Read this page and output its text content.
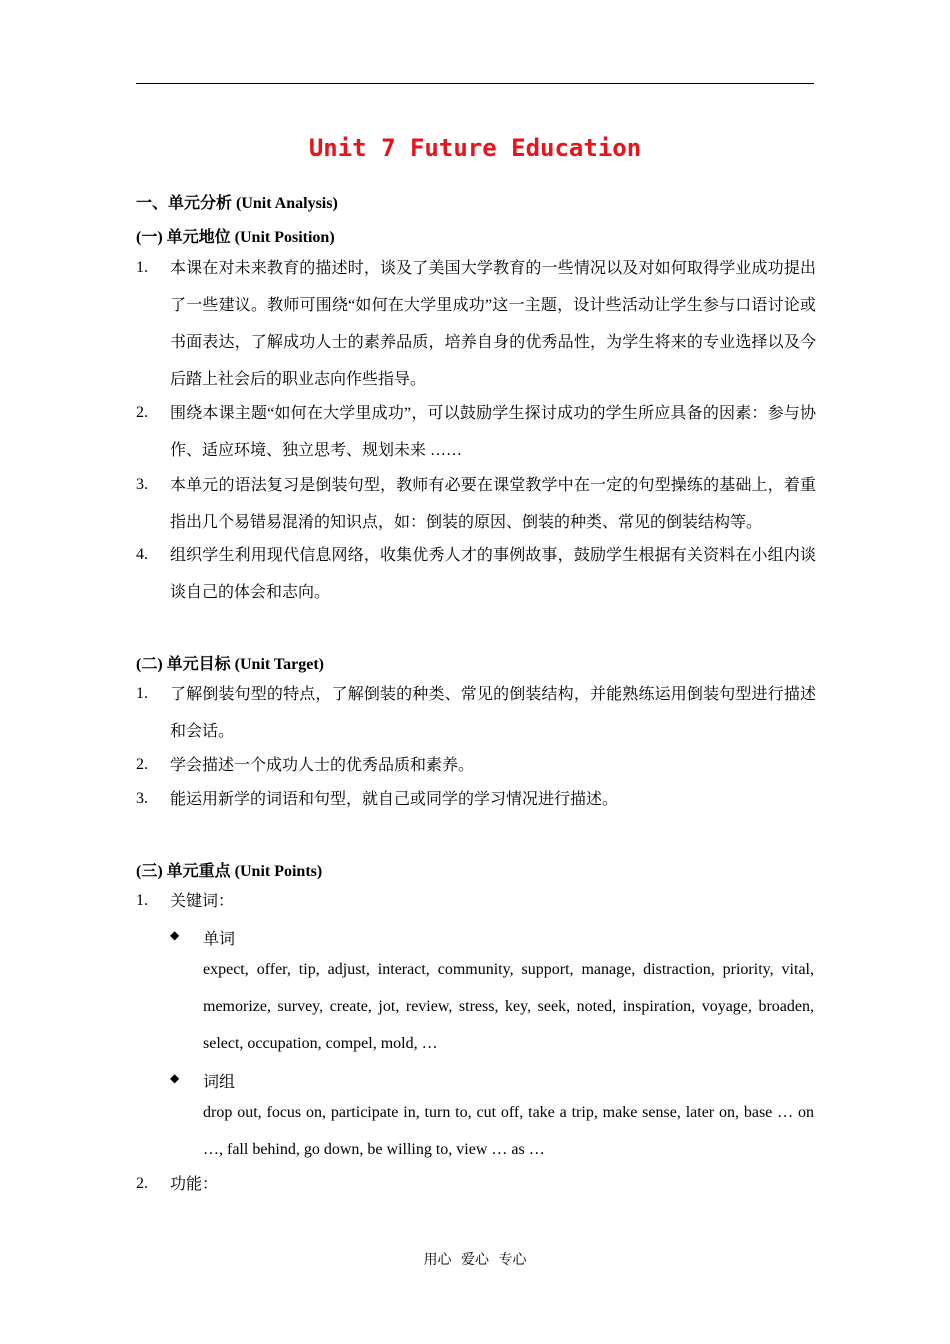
Unit 7 Future Education
一、单元分析 (Unit Analysis)
(一) 单元地位 (Unit Position)
1. 本课在对未来教育的描述时，谈及了美国大学教育的一些情况以及对如何取得学业成功提出了一些建议。教师可围绕“如何在大学里成功”这一主题，设计些活动让学生参与口语讨论或书面表达，了解成功人士的素养品质，培养自身的优秀品性，为学生将来的专业选择以及今后踏上社会后的职业志向作些指导。
2. 围绕本课主题“如何在大学里成功”，可以鼓励学生探讨成功的学生所应具备的因素：参与协作、适应环境、独立思考、规划未来 ……
3. 本单元的语法复习是倒装句型，教师有必要在课堂教学中在一定的句型操练的基础上，着重指出几个易错易混淆的知识点，如：倒装的原因、倒装的种类、常见的倒装结构等。
4. 组织学生利用现代信息网络，收集优秀人才的事例故事，鼓励学生根据有关资料在小组内谈谈自己的体会和志向。
(二) 单元目标 (Unit Target)
1. 了解倒装句型的特点，了解倒装的种类、常见的倒装结构，并能熟练运用倒装句型进行描述和会话。
2. 学会描述一个成功人士的优秀品质和素养。
3. 能运用新学的词语和句型，就自己或同学的学习情况进行描述。
(三) 单元重点 (Unit Points)
1. 关键词：
◆ 单词
expect, offer, tip, adjust, interact, community, support, manage, distraction, priority, vital, memorize, survey, create, jot, review, stress, key, seek, noted, inspiration, voyage, broaden, select, occupation, compel, mold, …
◆ 词组
drop out, focus on, participate in, turn to, cut off, take a trip, make sense, later on, base … on …, fall behind, go down, be willing to, view … as …
2. 功能：
用心 爱心 专心
